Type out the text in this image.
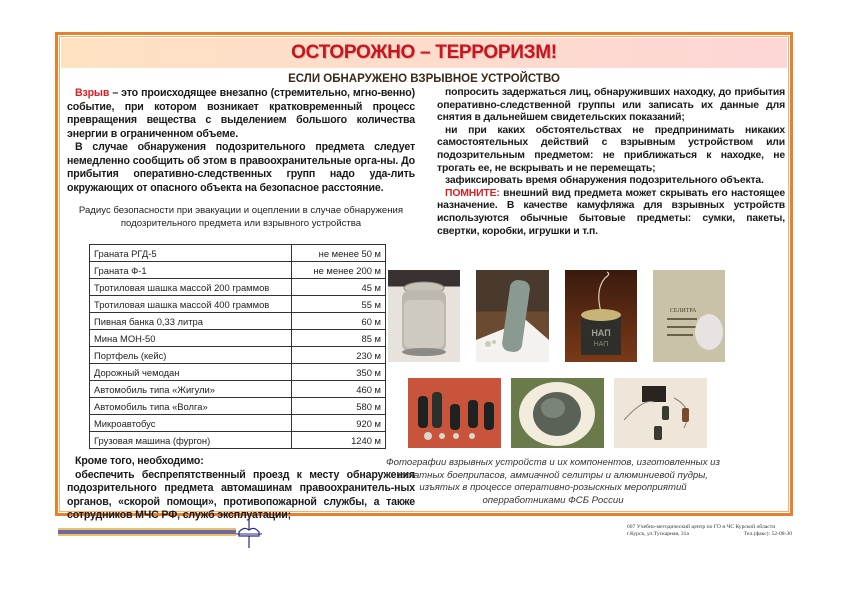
ОСТОРОЖНО – ТЕРРОРИЗМ!
ЕСЛИ ОБНАРУЖЕНО ВЗРЫВНОЕ УСТРОЙСТВО

Взрыв – это происходящее внезапно (стремительно, мгно-венно) событие, при котором возникает кратковременный процесс превращения вещества с выделением большого количества энергии в ограниченном объеме.

В случае обнаружения подозрительного предмета следует немедленно сообщить об этом в правоохранительные орга-ны. До прибытия оперативно-следственных групп надо уда-лить окружающих от опасного объекта на безопасное расстояние.

Радиус безопасности при эвакуации и оцеплении в случае обнаружения подозрительного предмета или взрывного устройства
Граната РГД-5	не менее 50 м
Граната Ф-1	не менее 200 м
Тротиловая шашка массой 200 граммов	45 м
Тротиловая шашка массой 400 граммов	55 м
Пивная банка 0,33 литра	60 м
Мина МОН-50	85 м
Портфель (кейс)	230 м
Дорожный чемодан	350 м
Автомобиль типа «Жигули»	460 м
Автомобиль типа «Волга»	580 м
Микроавтобус	920 м
Грузовая машина (фургон)	1240 м

Кроме того, необходимо:

обеспечить беспрепятственный проезд к месту обнаружения подозрительного предмета автомашинам правоохранитель-ных органов, «скорой помощи», противопожарной службы, а также сотрудников МЧС РФ, служб эксплуатации;

попросить задержаться лиц, обнаруживших находку, до прибытия оперативно-следственной группы или записать их данные для снятия в дальнейшем свидетельских показаний;

ни при каких обстоятельствах не предпринимать никаких самостоятельных действий с взрывным устройством или подозрительным предметом: не приближаться к находке, не трогать ее, не вскрывать и не перемещать;

зафиксировать время обнаружения подозрительного объекта.

ПОМНИТЕ: внешний вид предмета может скрывать его настоящее назначение. В качестве камуфляжа для взрывных устройств используются обычные бытовые предметы: сумки, пакеты, свертки, коробки, игрушки и т.п.

НАП
НАП
СЕЛИТРА
Фотографии взрывных устройств и их компонентов, изготовленных из штатных боеприпасов, аммиачной селитры и алюминиевой пудры, изъятых в процессе оперативно-розыскных мероприятий оперработниками ФСБ России
607 Учебно-методический центр по ГО и ЧС Курской области
г.Курск, ул.Тускарная, 31а	Тел.(факс): 52-08-30
